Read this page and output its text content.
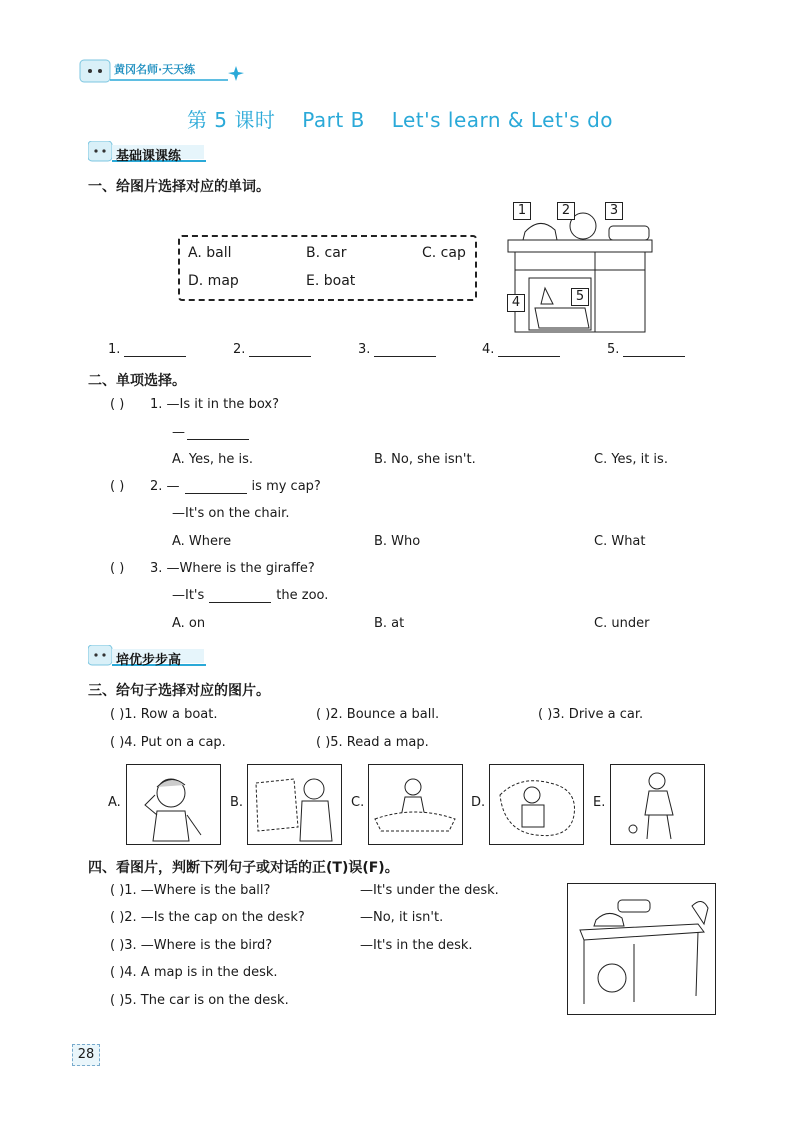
黄冈名师·天天练
第 5 课时 Part B Let's learn & Let's do
基础课课练
一、给图片选择对应的单词。
A. ball	B. car	C. cap
D. map	E. boat
1	2	3
4	5
1.	2.	3.	4.	5.
二、单项选择。
( ) 1. —Is it in the box?
—
A. Yes, he is.	B. No, she isn't.	C. Yes, it is.
( ) 2. —	is my cap?
—It's on the chair.
A. Where	B. Who	C. What
( ) 3. —Where is the giraffe?
—It's	the zoo.
A. on	B. at	C. under
培优步步高
三、给句子选择对应的图片。
( )1. Row a boat.	( )2. Bounce a ball.	( )3. Drive a car.
( )4. Put on a cap.	( )5. Read a map.
A.	B.	C.	D.	E.
四、看图片，判断下列句子或对话的正(T)误(F)。
( )1. —Where is the ball?	—It's under the desk.
( )2. —Is the cap on the desk?	—No, it isn't.
( )3. —Where is the bird?	—It's in the desk.
( )4. A map is in the desk.
( )5. The car is on the desk.
28
